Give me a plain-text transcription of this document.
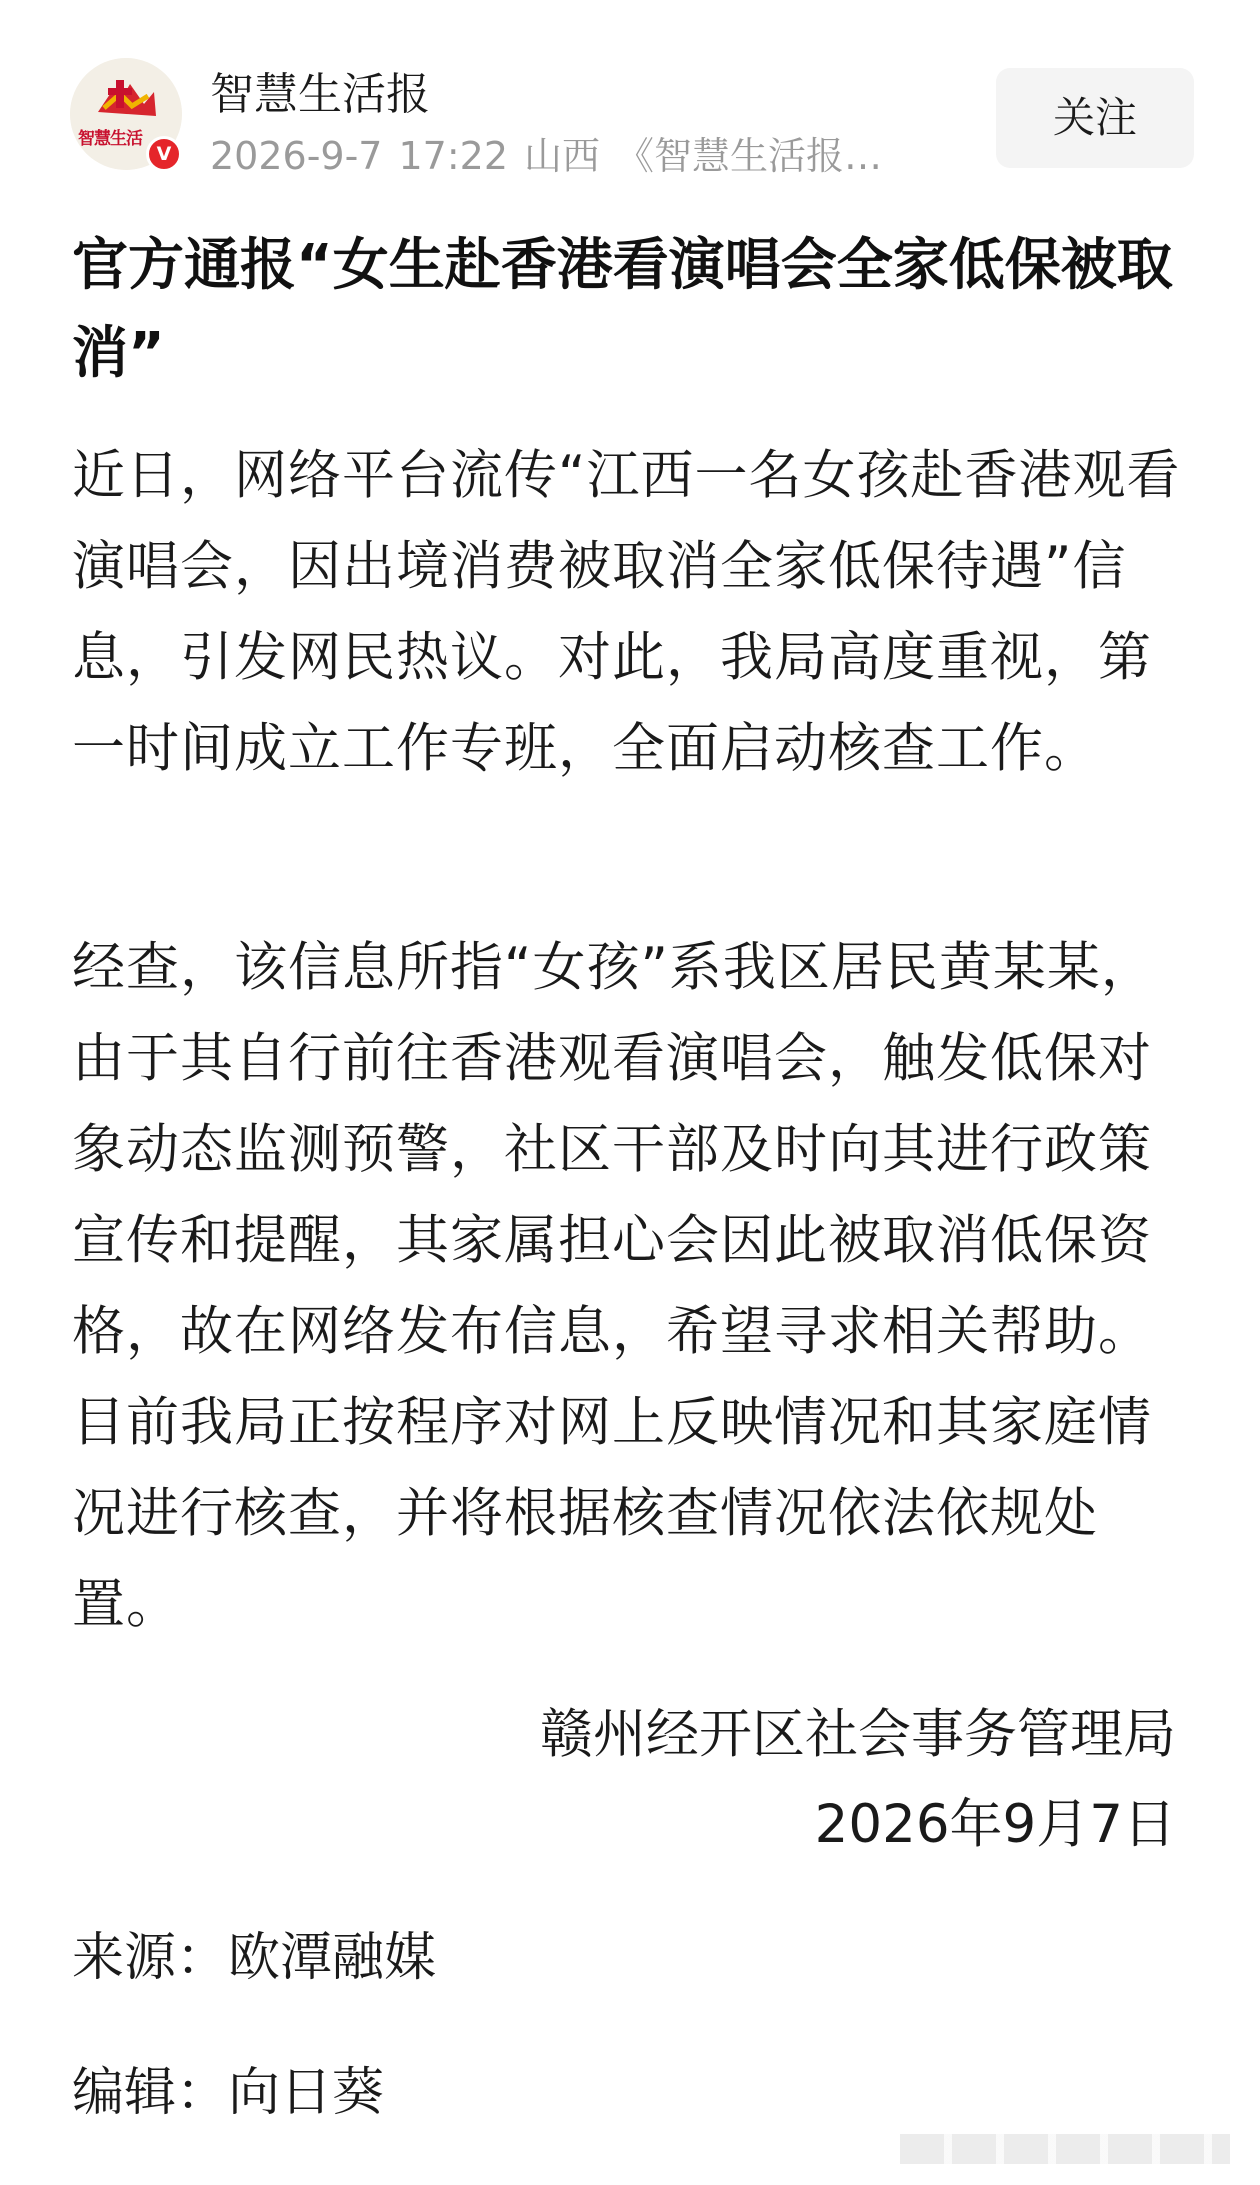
智慧生活
V
智慧生活报
2026-9-7 17:22 山西 《智慧生活报…
关注
官方通报“女生赴香港看演唱会全家低保被取消”

近日，网络平台流传“江西一名女孩赴香港观看演唱会，因出境消费被取消全家低保待遇”信息，引发网民热议。对此，我局高度重视，第一时间成立工作专班，全面启动核查工作。

经查，该信息所指“女孩”系我区居民黄某某，由于其自行前往香港观看演唱会，触发低保对象动态监测预警，社区干部及时向其进行政策宣传和提醒，其家属担心会因此被取消低保资格，故在网络发布信息，希望寻求相关帮助。目前我局正按程序对网上反映情况和其家庭情况进行核查，并将根据核查情况依法依规处置。

赣州经开区社会事务管理局
2026年9月7日
来源：欧潭融媒
编辑：向日葵
